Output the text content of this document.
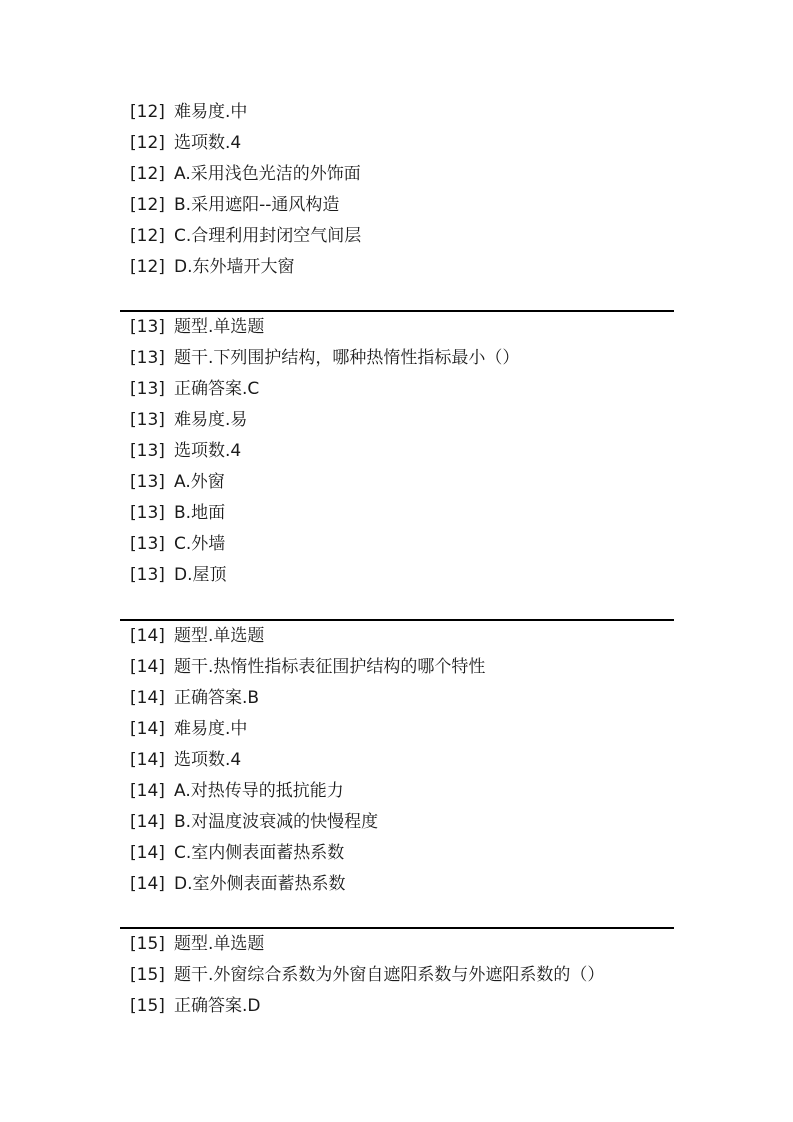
[12] 难易度.中
[12] 选项数.4
[12] A.采用浅色光洁的外饰面
[12] B.采用遮阳--通风构造
[12] C.合理利用封闭空气间层
[12] D.东外墙开大窗
[13] 题型.单选题
[13] 题干.下列围护结构，哪种热惰性指标最小（）
[13] 正确答案.C
[13] 难易度.易
[13] 选项数.4
[13] A.外窗
[13] B.地面
[13] C.外墙
[13] D.屋顶
[14] 题型.单选题
[14] 题干.热惰性指标表征围护结构的哪个特性
[14] 正确答案.B
[14] 难易度.中
[14] 选项数.4
[14] A.对热传导的抵抗能力
[14] B.对温度波衰减的快慢程度
[14] C.室内侧表面蓄热系数
[14] D.室外侧表面蓄热系数
[15] 题型.单选题
[15] 题干.外窗综合系数为外窗自遮阳系数与外遮阳系数的（）
[15] 正确答案.D
